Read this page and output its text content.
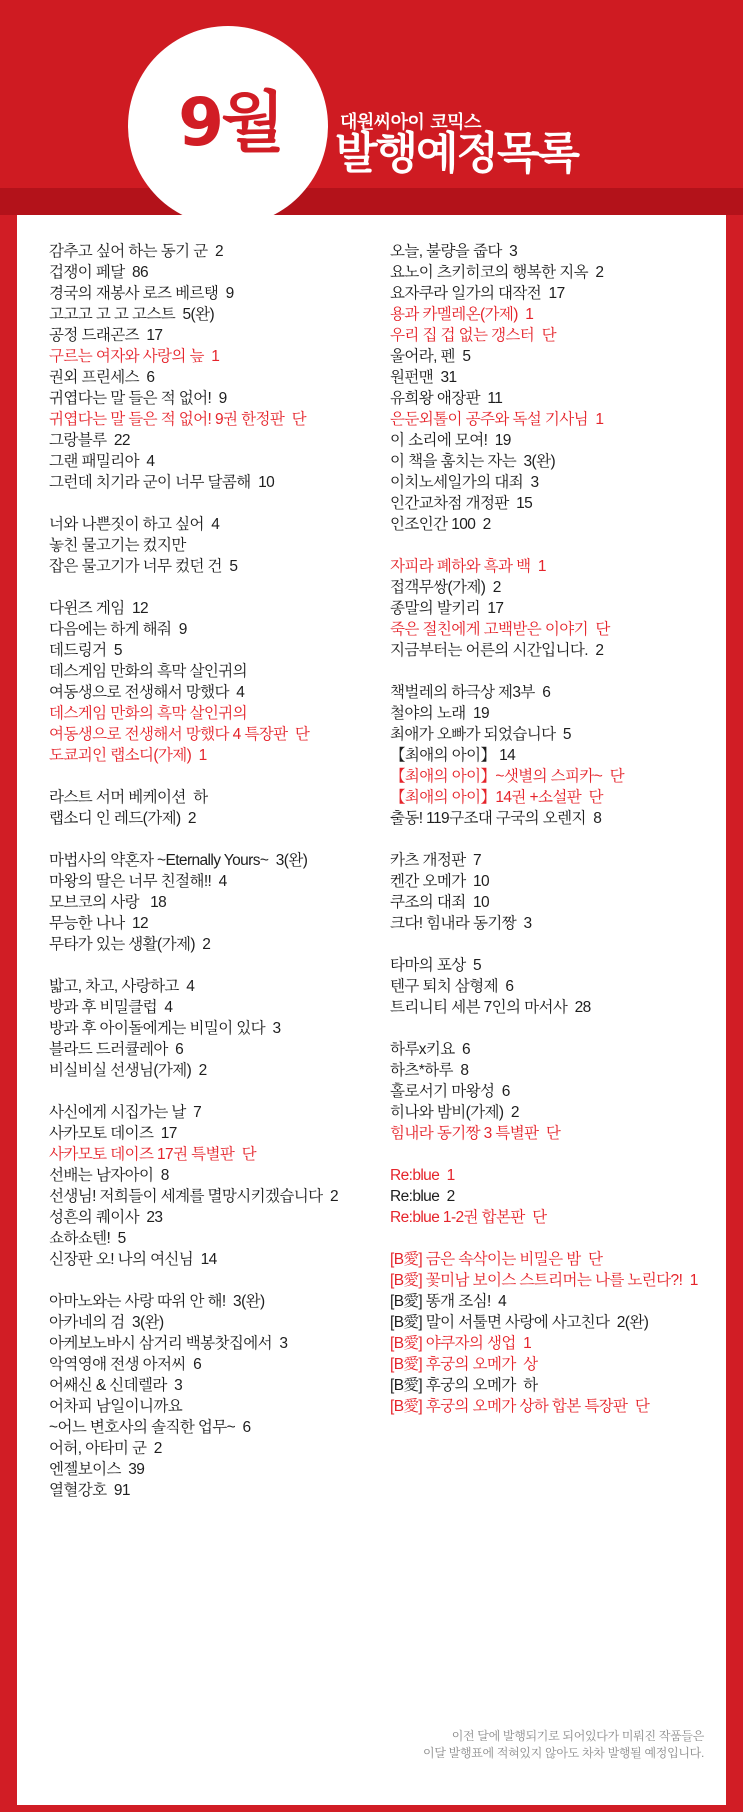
9월	대원씨아이 코믹스
발행예정목록
감추고 싶어 하는 동기 군  2
겁쟁이 페달  86
경국의 재봉사 로즈 베르탱  9
고고고 고 고 고스트  5(완)
공정 드래곤즈  17
구르는 여자와 사랑의 늪  1
권외 프린세스  6
귀엽다는 말 들은 적 없어!  9
귀엽다는 말 들은 적 없어! 9권 한정판  단
그랑블루  22
그랜 패밀리아  4
그런데 치기라 군이 너무 달콤해  10
너와 나쁜짓이 하고 싶어  4
놓친 물고기는 컸지만
잡은 물고기가 너무 컸던 건  5
다윈즈 게임  12
다음에는 하게 해줘  9
데드링거  5
데스게임 만화의 흑막 살인귀의
여동생으로 전생해서 망했다  4
데스게임 만화의 흑막 살인귀의
여동생으로 전생해서 망했다 4 특장판  단
도쿄괴인 랩소디(가제)  1
라스트 서머 베케이션  하
랩소디 인 레드(가제)  2
마법사의 약혼자 ~Eternally Yours~  3(완)
마왕의 딸은 너무 친절해!!  4
모브코의 사랑   18
무능한 나나  12
무타가 있는 생활(가제)  2
밟고, 차고, 사랑하고  4
방과 후 비밀클럽  4
방과 후 아이돌에게는 비밀이 있다  3
블라드 드러큘레아  6
비실비실 선생님(가제)  2
사신에게 시집가는 날  7
사카모토 데이즈  17
사카모토 데이즈 17권 특별판  단
선배는 남자아이  8
선생님! 저희들이 세계를 멸망시키겠습니다  2
성흔의 퀘이사  23
쇼하쇼텐!  5
신장판 오! 나의 여신님  14
아마노와는 사랑 따위 안 해!  3(완)
아카네의 검  3(완)
아케보노바시 삼거리 백봉찻집에서  3
악역영애 전생 아저씨  6
어쌔신 & 신데렐라  3
어차피 남일이니까요
~어느 변호사의 솔직한 업무~  6
어허, 아타미 군  2
엔젤보이스  39
열혈강호  91
오늘, 불량을 줍다  3
요노이 츠키히코의 행복한 지옥  2
요자쿠라 일가의 대작전  17
용과 카멜레온(가제)  1
우리 집 겁 없는 갱스터  단
울어라, 펜  5
원펀맨  31
유희왕 애장판  11
은둔외톨이 공주와 독설 기사님  1
이 소리에 모여!  19
이 책을 훔치는 자는  3(완)
이치노세일가의 대죄  3
인간교차점 개정판  15
인조인간 100  2
자피라 폐하와 흑과 백  1
접객무쌍(가제)  2
종말의 발키리  17
죽은 절친에게 고백받은 이야기  단
지금부터는 어른의 시간입니다.  2
책벌레의 하극상 제3부  6
철야의 노래  19
최애가 오빠가 되었습니다  5
【최애의 아이】 14
【최애의 아이】~샛별의 스피카~  단
【최애의 아이】14권 +소설판  단
출동! 119구조대 구국의 오렌지  8
카츠 개정판  7
켄간 오메가  10
쿠조의 대죄  10
크다! 힘내라 동기짱  3
타마의 포상  5
텐구 퇴치 삼형제  6
트리니티 세븐 7인의 마서사  28
하루x키요  6
하츠*하루  8
홀로서기 마왕성  6
히나와 밤비(가제)  2
힘내라 동기짱 3 특별판  단
Re:blue  1
Re:blue  2
Re:blue 1-2권 합본판  단
[B愛] 금은 속삭이는 비밀은 밤  단
[B愛] 꽃미남 보이스 스트리머는 나를 노린다?!  1
[B愛] 똥개 조심!  4
[B愛] 말이 서툴면 사랑에 사고친다  2(완)
[B愛] 야쿠자의 생업  1
[B愛] 후궁의 오메가  상
[B愛] 후궁의 오메가  하
[B愛] 후궁의 오메가 상하 합본 특장판  단
이전 달에 발행되기로 되어있다가 미뤄진 작품들은
이달 발행표에 적혀있지 않아도 차차 발행될 예정입니다.
